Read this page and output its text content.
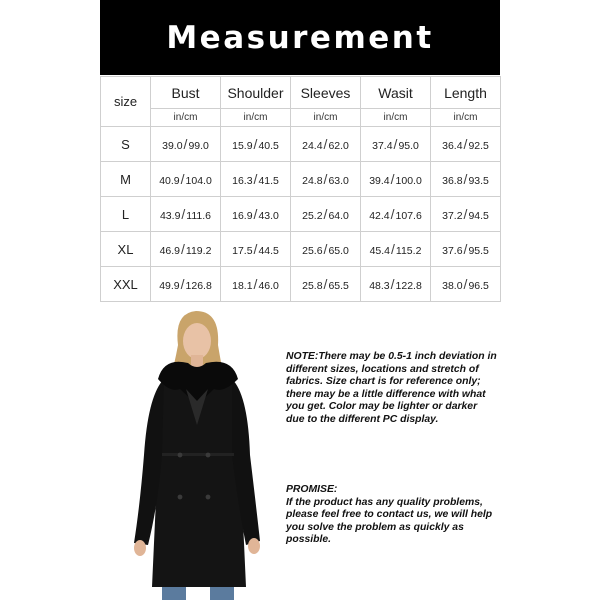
Measurement
size	Bust	Shoulder	Sleeves	Wasit	Length
	in/cm	in/cm	in/cm	in/cm	in/cm
S	39.0/99.0	15.9/40.5	24.4/62.0	37.4/95.0	36.4/92.5
M	40.9/104.0	16.3/41.5	24.8/63.0	39.4/100.0	36.8/93.5
L	43.9/111.6	16.9/43.0	25.2/64.0	42.4/107.6	37.2/94.5
XL	46.9/119.2	17.5/44.5	25.6/65.0	45.4/115.2	37.6/95.5
XXL	49.9/126.8	18.1/46.0	25.8/65.5	48.3/122.8	38.0/96.5
NOTE:There may be 0.5-1 inch deviation in different sizes, locations and stretch of fabrics. Size chart is for reference only; there may be a little difference with what you get. Color may be lighter or darker due to the different PC display.
PROMISE:
If the product has any quality problems, please feel free to contact us, we will help you solve the problem as quickly as possible.
